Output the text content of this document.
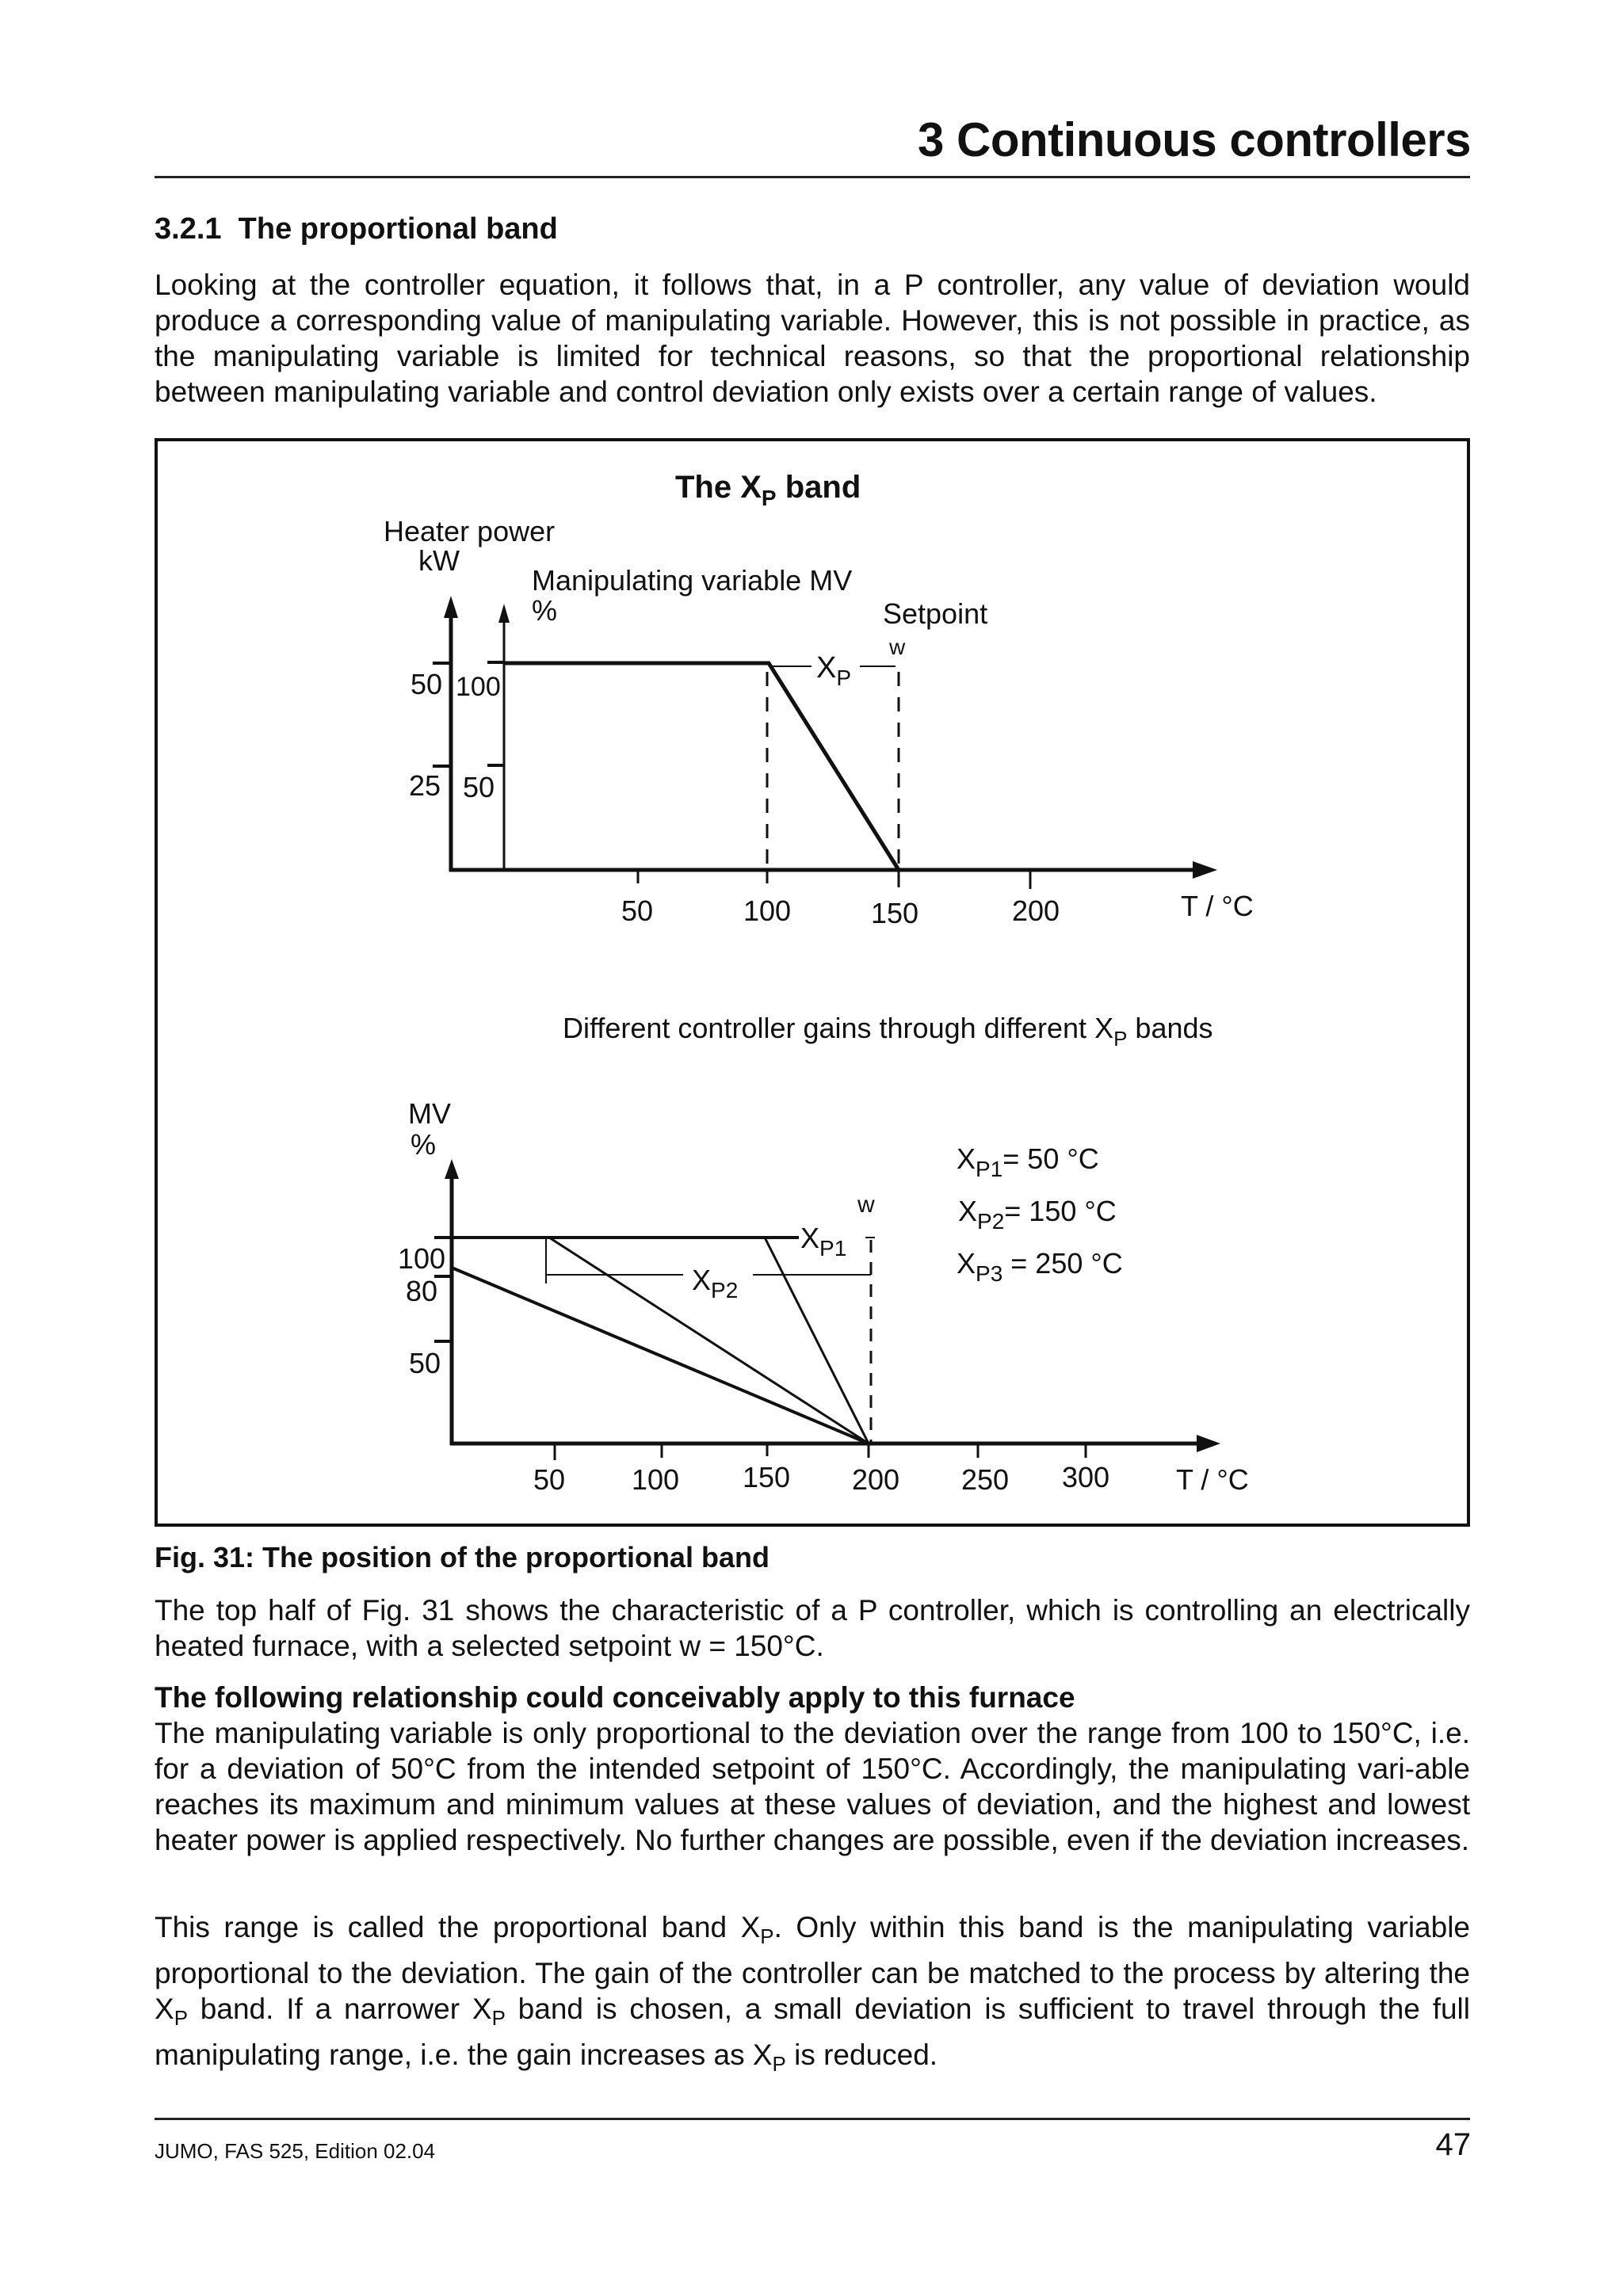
3 Continuous controllers
3.2.1 The proportional band
Looking at the controller equation, it follows that, in a P controller, any value of deviation would produce a corresponding value of manipulating variable. However, this is not possible in practice, as the manipulating variable is limited for technical reasons, so that the proportional relationship between manipulating variable and control deviation only exists over a certain range of values.
The $X_P$ band
Heater power
kW
Manipulating variable MV
%	Setpoint
w
50
25
100
50
50	100	150	200	T / °C
$X_P$
Different controller gains through different $X_P$ bands
MV
%
100
80
50
50 100 150 200 250 300 T / °C
w
$X_{P1}$
$X_{P2}$
$X_{P1}= 50$ °C
$X_{P2}= 150$ °C
$X_{P3} = 250$ °C
Fig. 31: The position of the proportional band
The top half of Fig. 31 shows the characteristic of a P controller, which is controlling an electrically heated furnace, with a selected setpoint w = 150°C.
The following relationship could conceivably apply to this furnace
The manipulating variable is only proportional to the deviation over the range from 100 to 150°C, i.e. for a deviation of 50°C from the intended setpoint of 150°C. Accordingly, the manipulating vari-able reaches its maximum and minimum values at these values of deviation, and the highest and lowest heater power is applied respectively. No further changes are possible, even if the deviation increases.
This range is called the proportional band $X_P$. Only within this band is the manipulating variable proportional to the deviation. The gain of the controller can be matched to the process by altering the $X_P$ band. If a narrower $X_P$ band is chosen, a small deviation is sufficient to travel through the full manipulating range, i.e. the gain increases as $X_P$ is reduced.
JUMO, FAS 525, Edition 02.04	47
